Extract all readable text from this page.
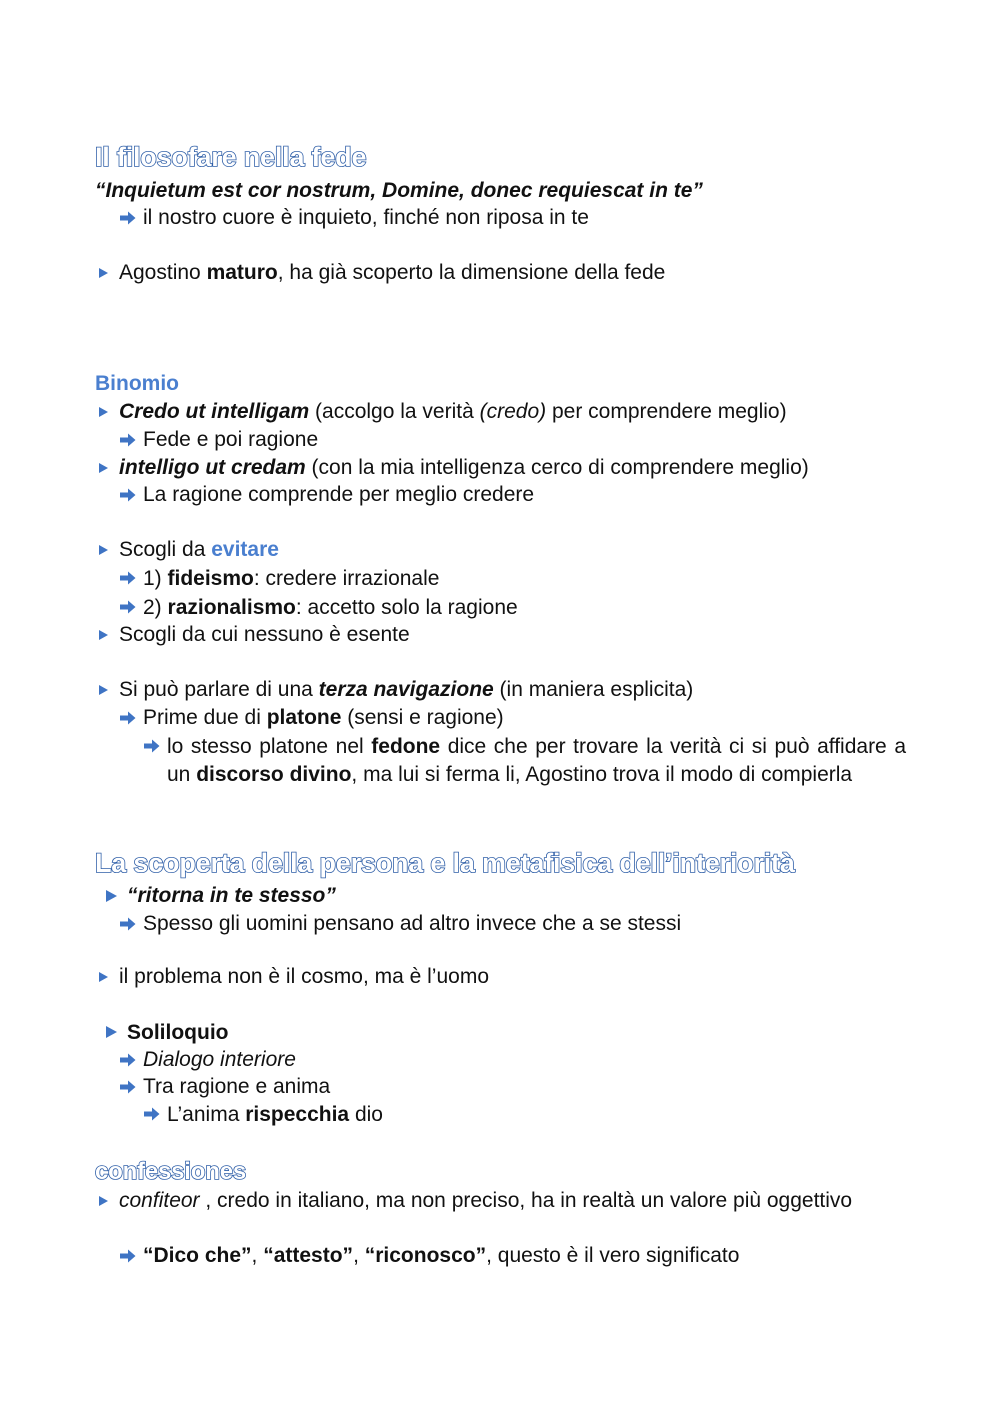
Il filosofare nella fede
“Inquietum est cor nostrum, Domine, donec requiescat in te”
il nostro cuore è inquieto, finché non riposa in te
Agostino maturo, ha già scoperto la dimensione della fede
Binomio
Credo ut intelligam (accolgo la verità (credo) per comprendere meglio)
Fede e poi ragione
intelligo ut credam (con la mia intelligenza cerco di comprendere meglio)
La ragione comprende per meglio credere
Scogli da evitare
1) fideismo: credere irrazionale
2) razionalismo: accetto solo la ragione
Scogli da cui nessuno è esente
Si può parlare di una terza navigazione (in maniera esplicita)
Prime due di platone (sensi e ragione)
lo stesso platone nel fedone dice che per trovare la verità ci si può affidare a un discorso divino, ma lui si ferma li, Agostino trova il modo di compierla
La scoperta della persona e la metafisica dell’interiorità
“ritorna in te stesso”
Spesso gli uomini pensano ad altro invece che a se stessi
il problema non è il cosmo, ma è l’uomo
Soliloquio
Dialogo interiore
Tra ragione e anima
L’anima rispecchia dio
confessiones
confiteor , credo in italiano, ma non preciso, ha in realtà un valore più oggettivo
“Dico che”, “attesto”, “riconosco”, questo è il vero significato
